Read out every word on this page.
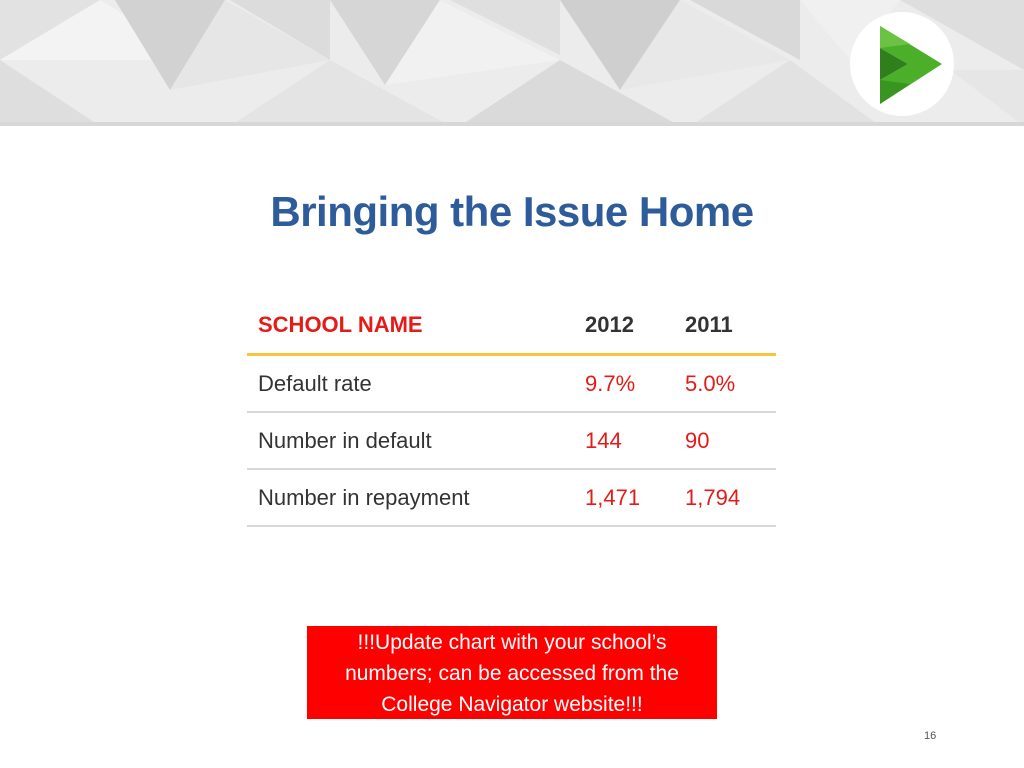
Bringing the Issue Home
SCHOOL NAME	2012 2011
Default rate	9.7% 5.0%
Number in default	144	90
Number in repayment	1,471 1,794
!!!Update chart with your school’s
numbers; can be accessed from the
College Navigator website!!!
16
